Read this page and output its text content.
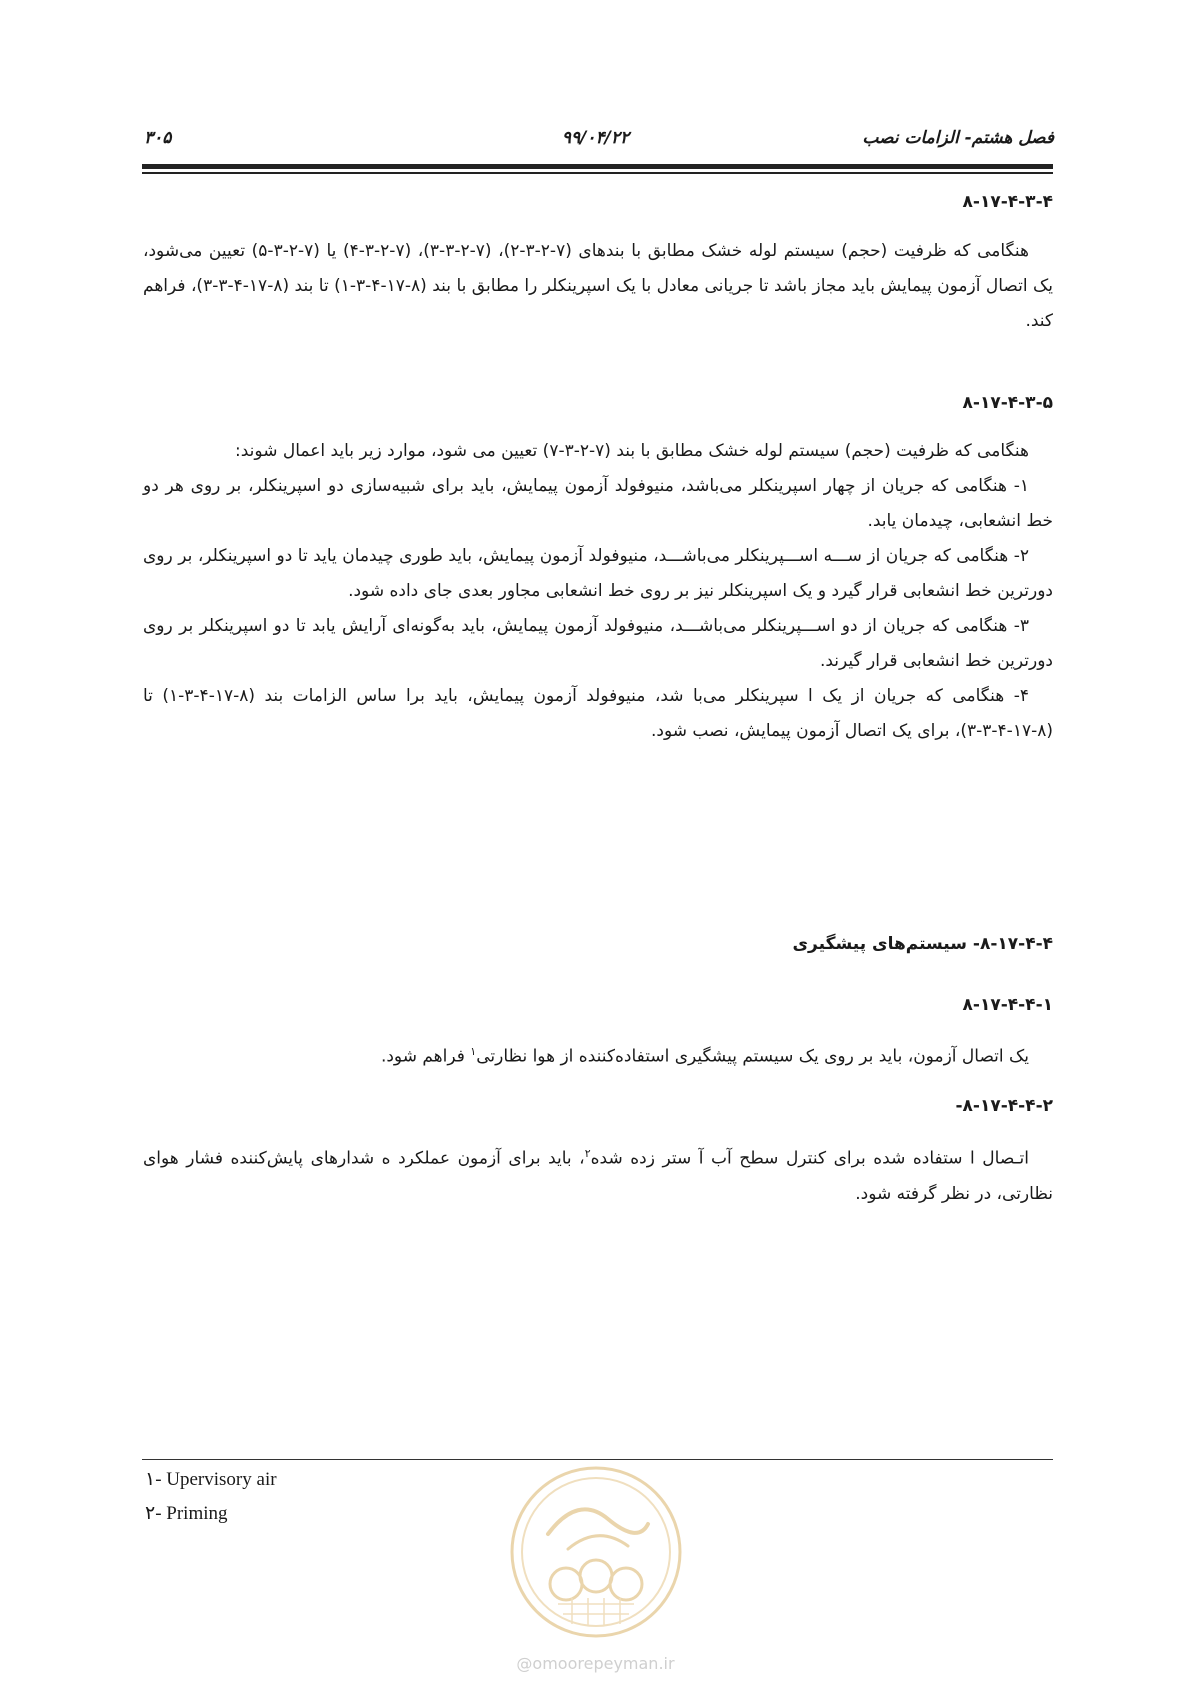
فصل هشتم- الزامات نصب
۹۹/۰۴/۲۲
۳۰۵
۸-۱۷-۴-۳-۴

هنگامی که ظرفیت (حجم) سیستم لوله خشک مطابق با بندهای (۷-۲-۳-۲)، (۷-۲-۳-۳)، (۷-۲-۳-۴) یا (۷-۲-۳-۵) تعیین می‌شود، یک اتصال آزمون پیمایش باید مجاز باشد تا جریانی معادل با یک اسپرینکلر را مطابق با بند (۸-۱۷-۴-۳-۱) تا بند (۸-۱۷-۴-۳-۳)، فراهم کند.

۸-۱۷-۴-۳-۵

هنگامی که ظرفیت (حجم) سیستم لوله خشک مطابق با بند (۷-۲-۳-۷) تعیین می شود، موارد زیر باید اعمال شوند:

۱- هنگامی که جریان از چهار اسپرینکلر می‌باشد، منیوفولد آزمون پیمایش، باید برای شبیه‌سازی دو اسپرینکلر، بر روی هر دو خط انشعابی، چیدمان یابد.

۲- هنگامی که جریان از ســـه اســـپرینکلر می‌باشـــد، منیوفولد آزمون پیمایش، باید طوری چیدمان یاید تا دو اسپرینکلر، بر روی دورترین خط انشعابی قرار گیرد و یک اسپرینکلر نیز بر روی خط انشعابی مجاور بعدی جای داده شود.

۳- هنگامی که جریان از دو اســـپرینکلر می‌باشـــد، منیوفولد آزمون پیمایش، باید به‌گونه‌ای آرایش یابد تا دو اسپرینکلر بر روی دورترین خط انشعابی قرار گیرند.

۴- هنگامی که جریان از یک ا سپرینکلر می‌با شد، منیوفولد آزمون پیمایش، باید برا ساس الزامات بند (۸-۱۷-۴-۳-۱) تا (۸-۱۷-۴-۳-۳)، برای یک اتصال آزمون پیمایش، نصب شود.

۸-۱۷-۴-۴- سیستم‌های پیشگیری
۸-۱۷-۴-۴-۱

یک اتصال آزمون، باید بر روی یک سیستم پیشگیری استفاده‌کننده از هوا نظارتی$^۱$ فراهم شود.

۸-۱۷-۴-۴-۲-

اتـصال ا ستفاده شده برای کنترل سطح آب آ ستر زده شده$^۲$، باید برای آزمون عملکرد ه شدارهای پایش‌کننده فشار هوای نظارتی، در نظر گرفته شود.

۱- Upervisory air
۲- Priming
@omoorepeyman.ir
